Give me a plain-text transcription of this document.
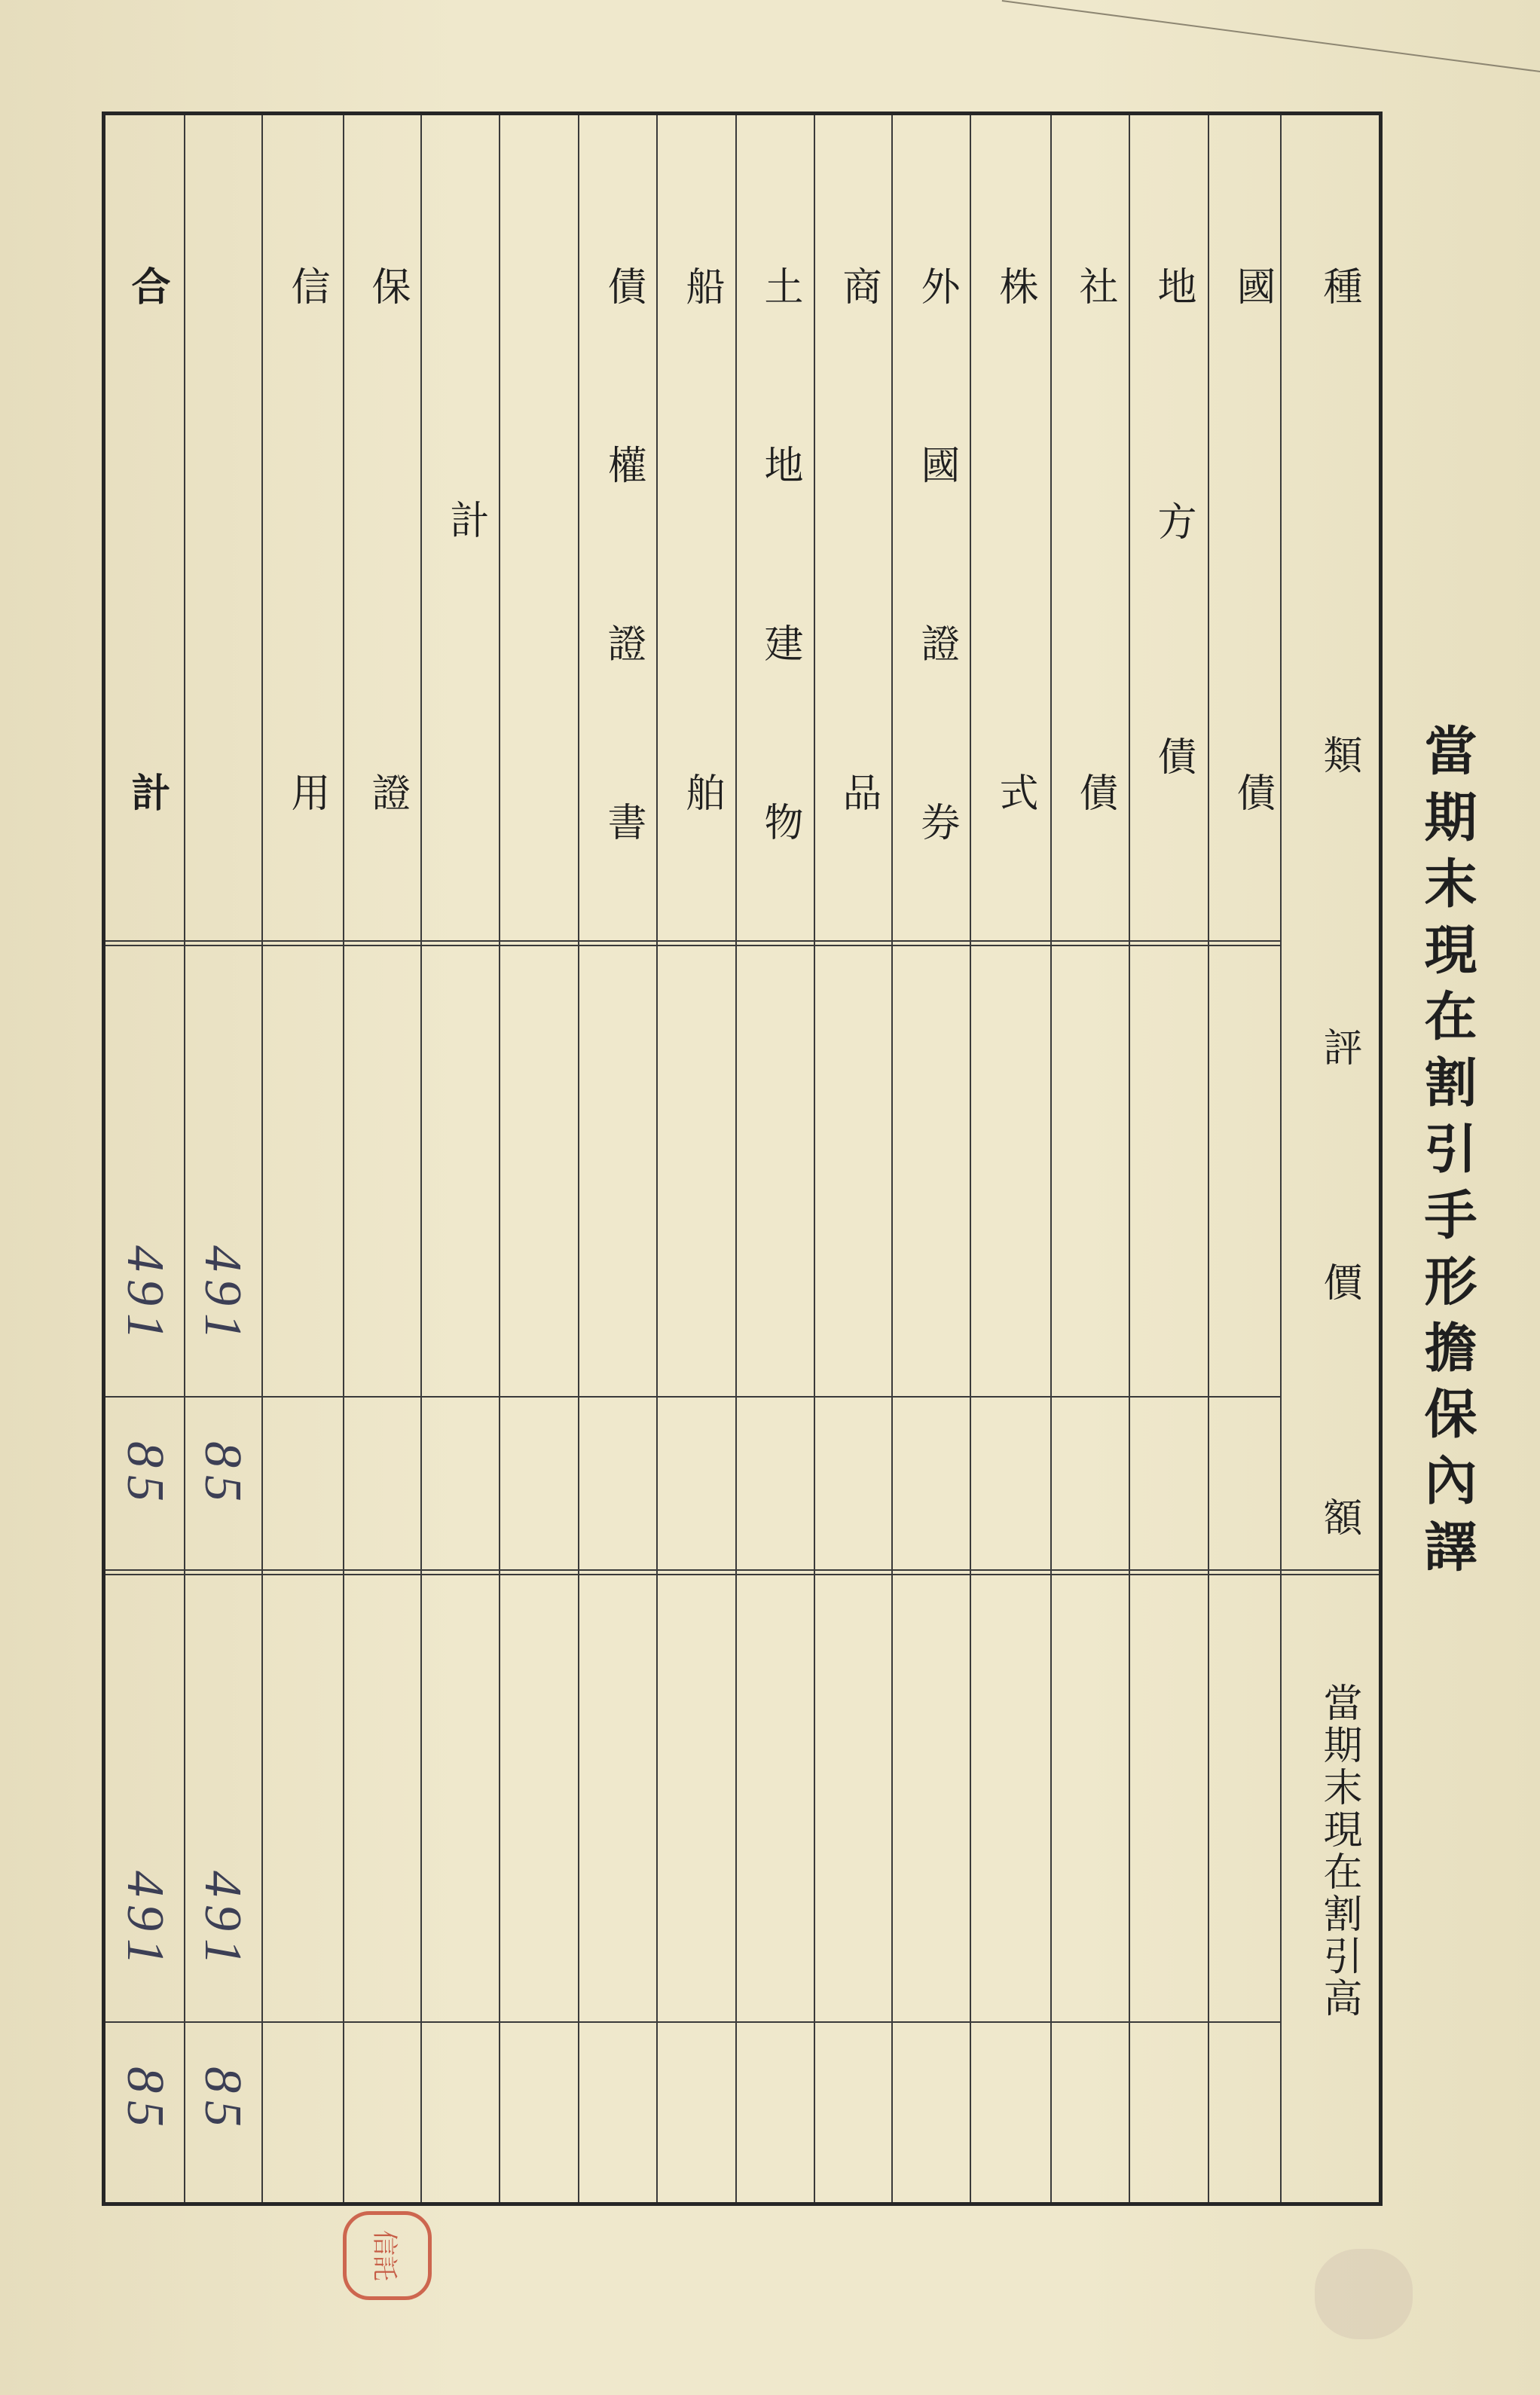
當期末現在割引手形擔保內譯
種類
評價額
當期末現在割引高
國債
地方債
社債
株式
外國證券
商品
土地建物
船舶
債權證書
計
保證
信用
合計
491
85
491
85
491
85
491
85
信託
